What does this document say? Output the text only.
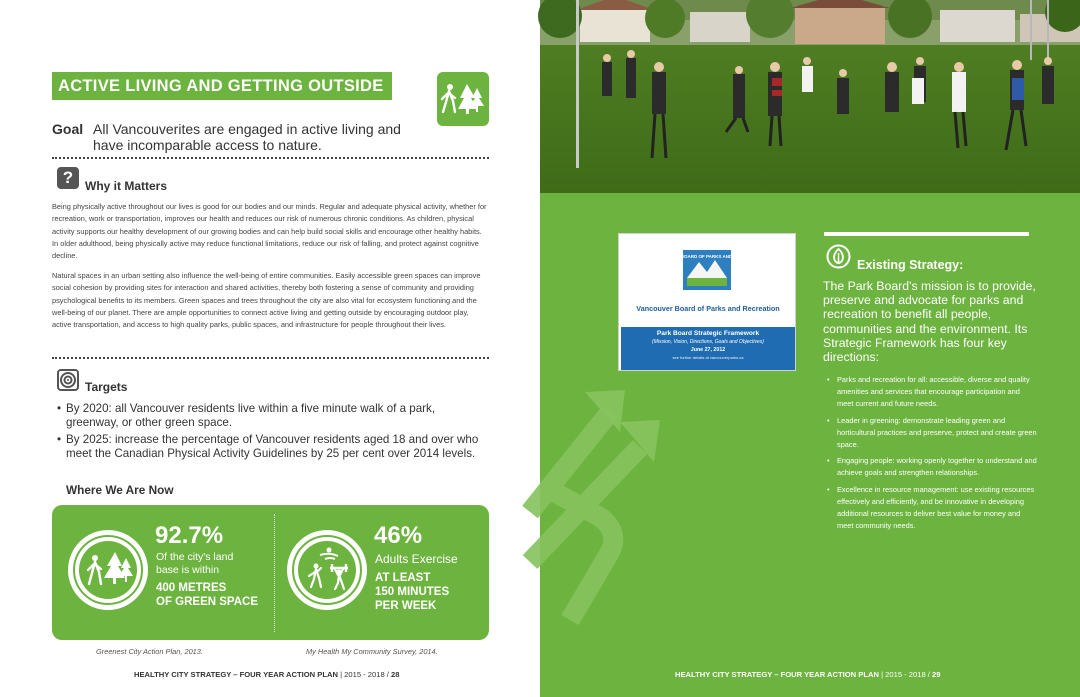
ACTIVE LIVING AND GETTING OUTSIDE
Goal All Vancouverites are engaged in active living and have incomparable access to nature.
? Why it Matters

Being physically active throughout our lives is good for our bodies and our minds. Regular and adequate physical activity, whether for recreation, work or transportation, improves our health and reduces our risk of numerous chronic conditions. As children, physical activity supports our healthy development of our growing bodies and can help build social skills and encourage other healthy habits. In older adulthood, being physically active may reduce functional limitations, reduce our risk of falling, and protect against cognitive decline.

Natural spaces in an urban setting also influence the well-being of entire communities. Easily accessible green spaces can improve social cohesion by providing sites for interaction and shared activities, thereby both fostering a sense of community and providing psychological benefits to its members. Green spaces and trees throughout the city are also vital for ecosystem functioning and the well-being of our planet. There are ample opportunities to connect active living and getting outside by encouraging outdoor play, active transportation, and access to high quality parks, public spaces, and infrastructure for people throughout their lives.

Targets
• By 2020: all Vancouver residents live within a five minute walk of a park, greenway, or other green space.
• By 2025: increase the percentage of Vancouver residents aged 18 and over who meet the Canadian Physical Activity Guidelines by 25 per cent over 2014 levels.
Where We Are Now
92.7%
Of the city's land
base is within
400 METRES
OF GREEN SPACE
46%
Adults Exercise
AT LEAST
150 MINUTES
PER WEEK
Greenest City Action Plan, 2013.	My Health My Community Survey, 2014.
HEALTHY CITY STRATEGY – FOUR YEAR ACTION PLAN | 2015 - 2018 / 28
VANCOUVER BOARD OF PARKS AND RECREATION
Vancouver Board of Parks and Recreation
Park Board Strategic Framework
(Mission, Vision, Directions, Goals and Objectives)
June 27, 2012
see further details at vancouverparks.ca
Existing Strategy:
The Park Board's mission is to provide, preserve and advocate for parks and recreation to benefit all people, communities and the environment. Its Strategic Framework has four key directions:
• Parks and recreation for all: accessible, diverse and quality amenities and services that encourage participation and meet current and future needs.
• Leader in greening: demonstrate leading green and horticultural practices and preserve, protect and create green space.
• Engaging people: working openly together to understand and achieve goals and strengthen relationships.
• Excellence in resource management: use existing resources effectively and efficiently, and be innovative in developing additional resources to deliver best value for money and meet community needs.
HEALTHY CITY STRATEGY – FOUR YEAR ACTION PLAN | 2015 - 2018 / 29
